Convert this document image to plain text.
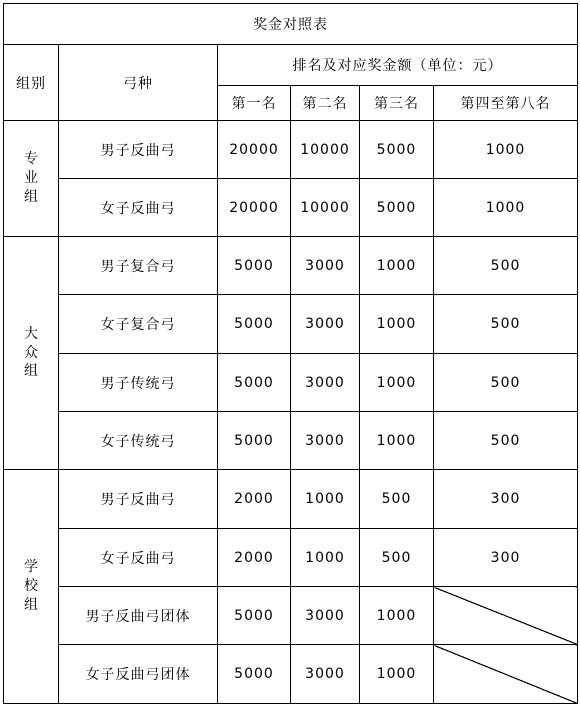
奖金对照表					
组别	弓种	排名及对应奖金额（单位：元）			
		第一名	第二名	第三名	第四至第八名
专业组	男子反曲弓	20000	10000	5000	1000
	女子反曲弓	20000	10000	5000	1000
大众组	男子复合弓	5000	3000	1000	500
	女子复合弓	5000	3000	1000	500
	男子传统弓	5000	3000	1000	500
	女子传统弓	5000	3000	1000	500
学校组	男子反曲弓	2000	1000	500	300
	女子反曲弓	2000	1000	500	300
	男子反曲弓团体	5000	3000	1000	
	女子反曲弓团体	5000	3000	1000	
